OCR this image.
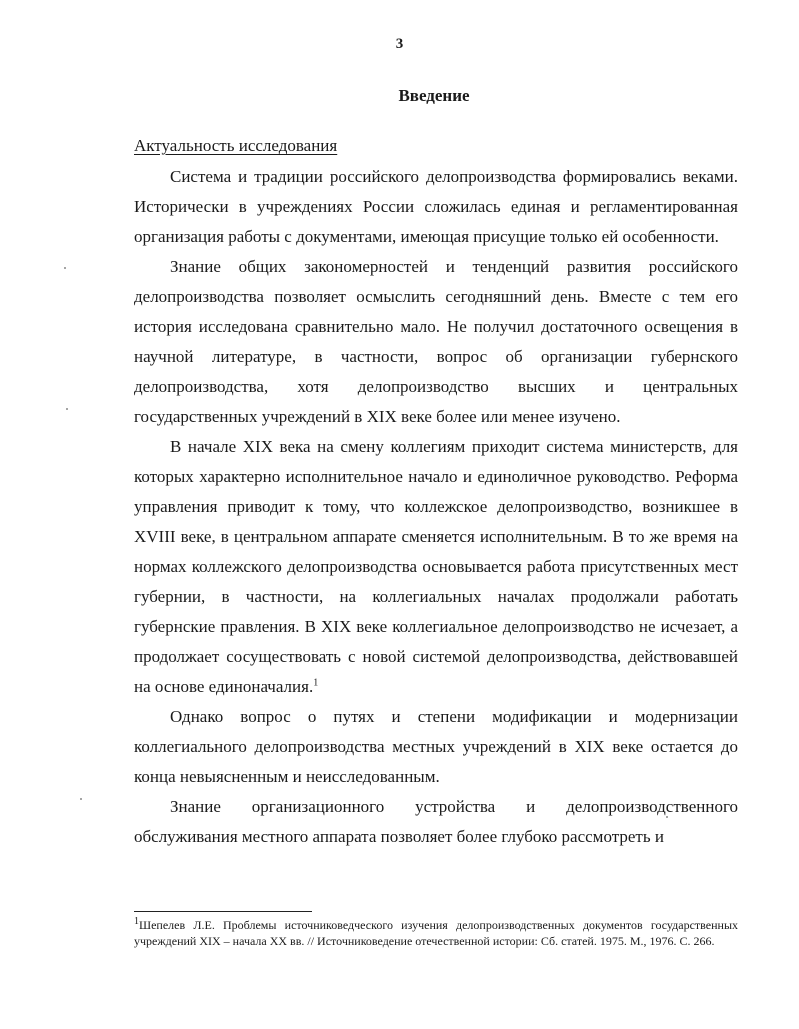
3
Введение
Актуальность исследования

Система и традиции российского делопроизводства формировались веками. Исторически в учреждениях России сложилась единая и регламентированная организация работы с документами, имеющая присущие только ей особенности.

Знание общих закономерностей и тенденций развития российского делопроизводства позволяет осмыслить сегодняшний день. Вместе с тем его история исследована сравнительно мало. Не получил достаточного освещения в научной литературе, в частности, вопрос об организации губернского делопроизводства, хотя делопроизводство высших и центральных государственных учреждений в XIX веке более или менее изучено.

В начале XIX века на смену коллегиям приходит система министерств, для которых характерно исполнительное начало и единоличное руководство. Реформа управления приводит к тому, что коллежское делопроизводство, возникшее в XVIII веке, в центральном аппарате сменяется исполнительным. В то же время на нормах коллежского делопроизводства основывается работа присутственных мест губернии, в частности, на коллегиальных началах продолжали работать губернские правления. В XIX веке коллегиальное делопроизводство не исчезает, а продолжает сосуществовать с новой системой делопроизводства, действовавшей на основе единоначалия.$^1$

Однако вопрос о путях и степени модификации и модернизации коллегиального делопроизводства местных учреждений в XIX веке остается до конца невыясненным и неисследованным.

Знание организационного устройства и делопроизводственного обслуживания местного аппарата позволяет более глубоко рассмотреть и

$^1$Шепелев Л.Е. Проблемы источниковедческого изучения делопроизводственных документов государственных учреждений XIX – начала XX вв. // Источниковедение отечественной истории: Сб. статей. 1975. М., 1976. С. 266.
